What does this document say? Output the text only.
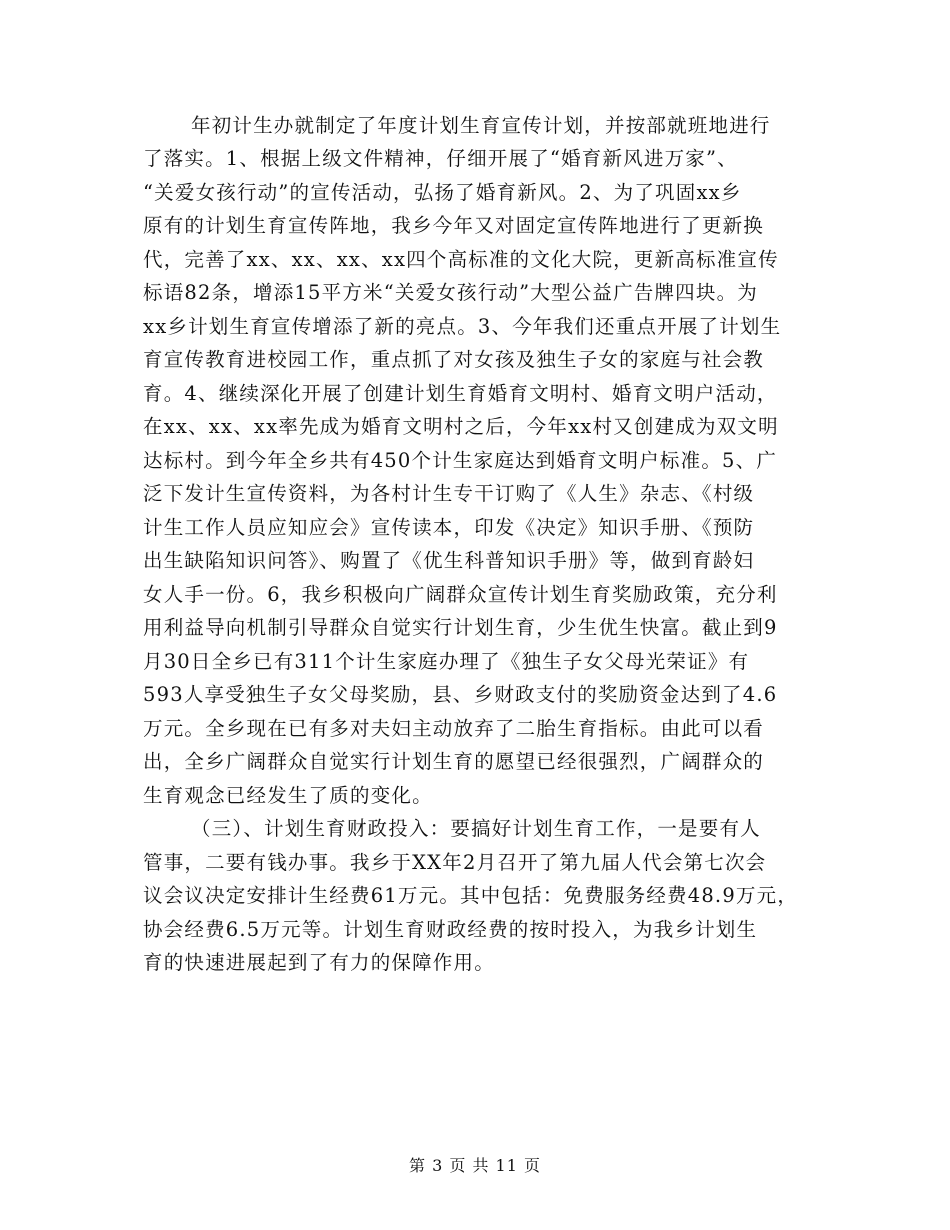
年初计生办就制定了年度计划生育宣传计划，并按部就班地进行
了落实。1、根据上级文件精神，仔细开展了“婚育新风进万家”、
“关爱女孩行动”的宣传活动，弘扬了婚育新风。2、为了巩固xx乡
原有的计划生育宣传阵地，我乡今年又对固定宣传阵地进行了更新换
代，完善了xx、xx、xx、xx四个高标准的文化大院，更新高标准宣传
标语82条，增添15平方米“关爱女孩行动”大型公益广告牌四块。为
xx乡计划生育宣传增添了新的亮点。3、今年我们还重点开展了计划生
育宣传教育进校园工作，重点抓了对女孩及独生子女的家庭与社会教
育。4、继续深化开展了创建计划生育婚育文明村、婚育文明户活动，
在xx、xx、xx率先成为婚育文明村之后，今年xx村又创建成为双文明
达标村。到今年全乡共有450个计生家庭达到婚育文明户标准。5、广
泛下发计生宣传资料，为各村计生专干订购了《人生》杂志、《村级
计生工作人员应知应会》宣传读本，印发《决定》知识手册、《预防
出生缺陷知识问答》、购置了《优生科普知识手册》等，做到育龄妇
女人手一份。6，我乡积极向广阔群众宣传计划生育奖励政策，充分利
用利益导向机制引导群众自觉实行计划生育，少生优生快富。截止到9
月30日全乡已有311个计生家庭办理了《独生子女父母光荣证》有
593人享受独生子女父母奖励，县、乡财政支付的奖励资金达到了4.6
万元。全乡现在已有多对夫妇主动放弃了二胎生育指标。由此可以看
出，全乡广阔群众自觉实行计划生育的愿望已经很强烈，广阔群众的
生育观念已经发生了质的变化。
（三）、计划生育财政投入：要搞好计划生育工作，一是要有人
管事，二要有钱办事。我乡于XX年2月召开了第九届人代会第七次会
议会议决定安排计生经费61万元。其中包括：免费服务经费48.9万元，
协会经费6.5万元等。计划生育财政经费的按时投入，为我乡计划生
育的快速进展起到了有力的保障作用。
第 3 页 共 11 页
